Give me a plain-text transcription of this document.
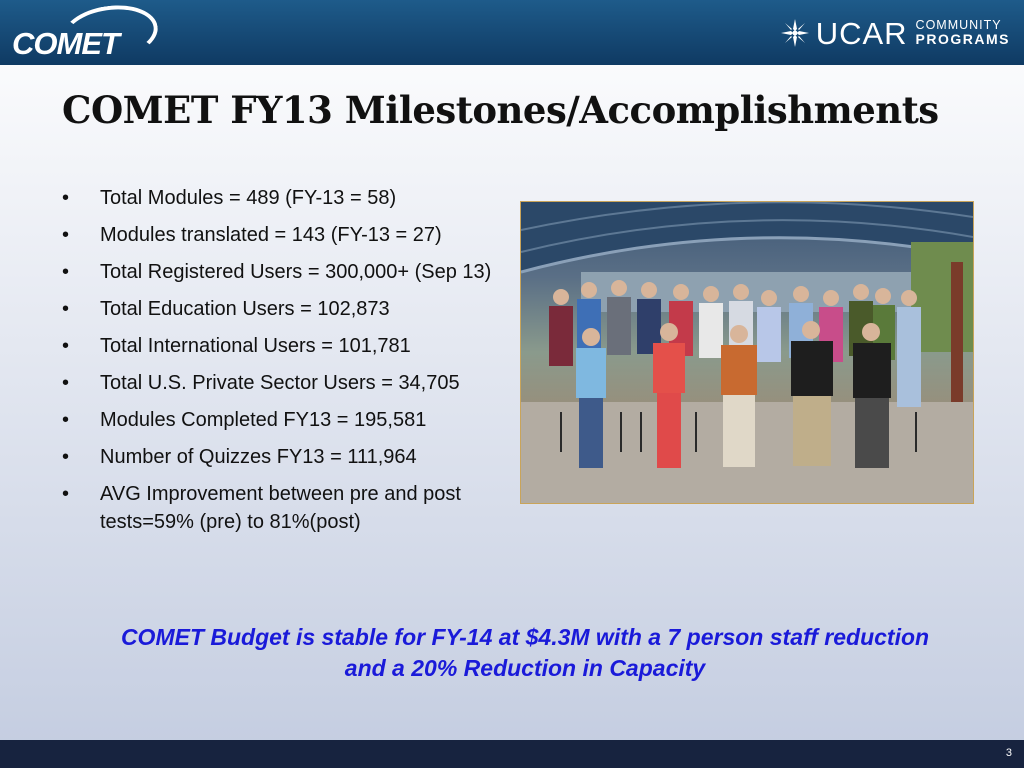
COMET	UCAR COMMUNITY
PROGRAMS
COMET FY13 Milestones/Accomplishments
•	Total Modules = 489 (FY-13 = 58)
•	Modules translated = 143 (FY-13 = 27)
•	Total Registered Users = 300,000+ (Sep 13)
•	Total Education Users = 102,873
•	Total International Users = 101,781
•	Total U.S. Private Sector Users = 34,705
•	Modules Completed FY13 = 195,581
•	Number of Quizzes FY13 = 111,964
•	AVG Improvement between pre and post tests=59% (pre) to 81%(post)
COMET Budget is stable for FY-14 at $4.3M with a 7 person staff reduction
and a 20% Reduction in Capacity
3
